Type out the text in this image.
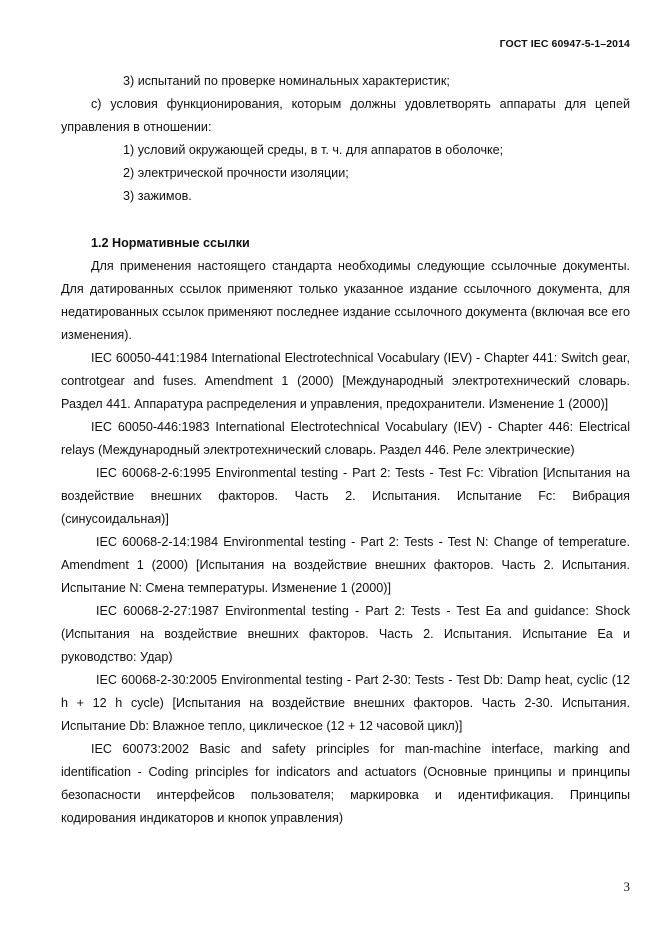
ГОСТ IEC 60947-5-1–2014

3) испытаний по проверке номинальных характеристик;

c) условия функционирования, которым должны удовлетворять аппараты для цепей управления в отношении:

1) условий окружающей среды, в т. ч. для аппаратов в оболочке;

2) электрической прочности изоляции;

3) зажимов.

1.2 Нормативные ссылки

Для применения настоящего стандарта необходимы следующие ссылочные документы. Для датированных ссылок применяют только указанное издание ссылочного документа, для недатированных ссылок применяют последнее издание ссылочного документа (включая все его изменения).

IEC 60050-441:1984 International Electrotechnical Vocabulary (IEV) - Chapter 441: Switch gear, controtgear and fuses. Amendment 1 (2000) [Международный электротехнический словарь. Раздел 441. Аппаратура распределения и управления, предохранители. Изменение 1 (2000)]

IEC 60050-446:1983 International Electrotechnical Vocabulary (IEV) - Chapter 446: Electrical relays (Международный электротехнический словарь. Раздел 446. Реле электрические)

IEC 60068-2-6:1995 Environmental testing - Part 2: Tests - Test Fc: Vibration [Испытания на воздействие внешних факторов. Часть 2. Испытания. Испытание Fc: Вибрация (синусоидальная)]

IEC 60068-2-14:1984 Environmental testing - Part 2: Tests - Test N: Change of temperature. Amendment 1 (2000) [Испытания на воздействие внешних факторов. Часть 2. Испытания. Испытание N: Смена температуры. Изменение 1 (2000)]

IEC 60068-2-27:1987 Environmental testing - Part 2: Tests - Test Ea and guidance: Shock (Испытания на воздействие внешних факторов. Часть 2. Испытания. Испытание Ea и руководство: Удар)

IEC 60068-2-30:2005 Environmental testing - Part 2-30: Tests - Test Db: Damp heat, cyclic (12 h + 12 h cycle) [Испытания на воздействие внешних факторов. Часть 2-30. Испытания. Испытание Db: Влажное тепло, циклическое (12 + 12 часовой цикл)]

IEC 60073:2002 Basic and safety principles for man-machine interface, marking and identification - Coding principles for indicators and actuators (Основные принципы и принципы безопасности интерфейсов пользователя; маркировка и идентификация. Принципы кодирования индикаторов и кнопок управления)

3
